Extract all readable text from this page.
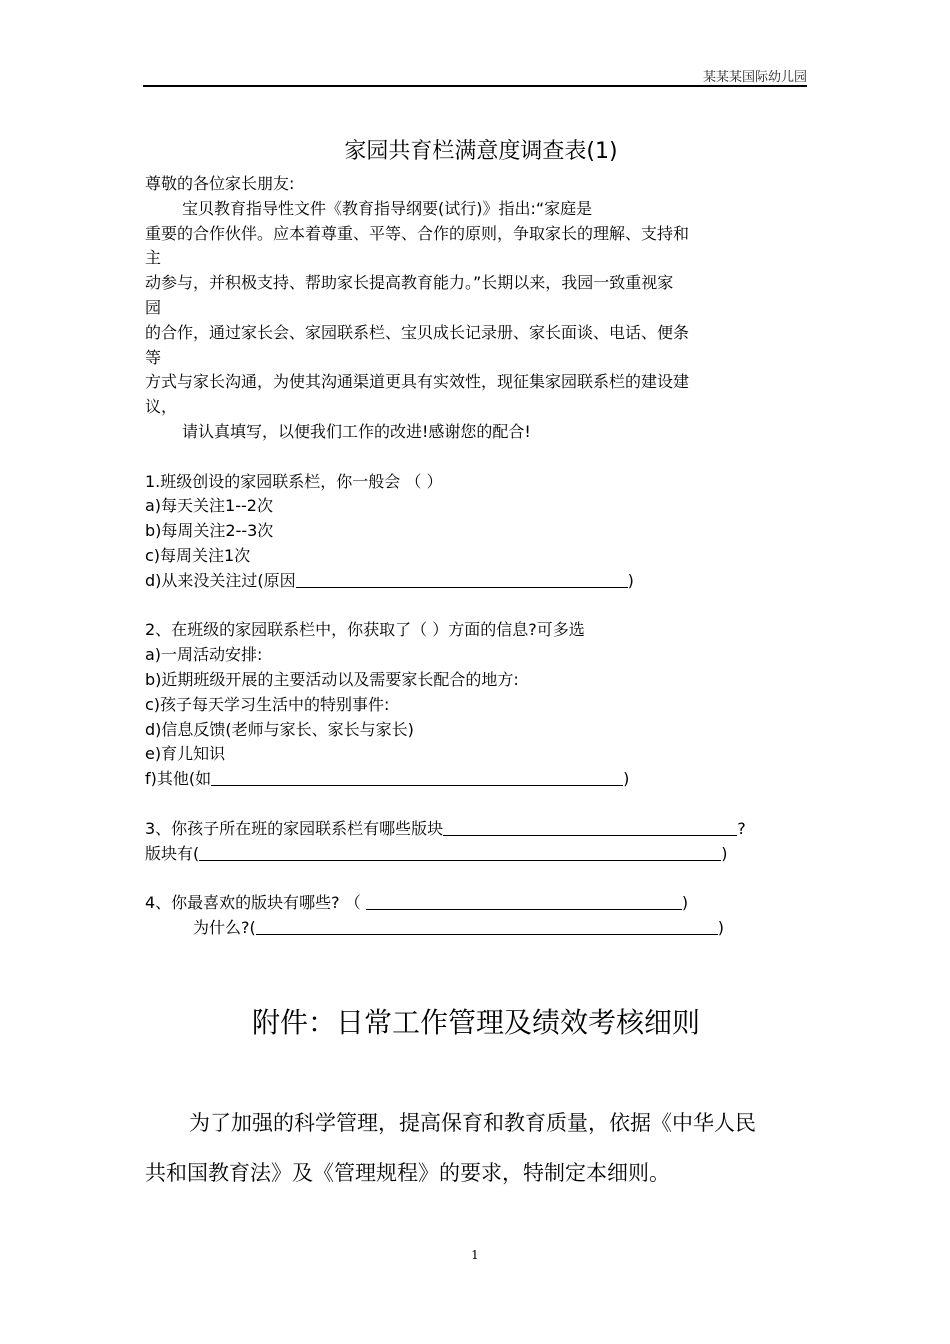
某某某国际幼儿园
家园共育栏满意度调查表(1)
尊敬的各位家长朋友:
宝贝教育指导性文件《教育指导纲要(试行)》指出:“家庭是
重要的合作伙伴。应本着尊重、平等、合作的原则，争取家长的理解、支持和
主
动参与，并积极支持、帮助家长提高教育能力。”长期以来，我园一致重视家
园
的合作，通过家长会、家园联系栏、宝贝成长记录册、家长面谈、电话、便条
等
方式与家长沟通，为使其沟通渠道更具有实效性，现征集家园联系栏的建设建
议，
请认真填写，以便我们工作的改进!感谢您的配合!
1.班级创设的家园联系栏，你一般会 （ ）
a)每天关注1--2次
b)每周关注2--3次
c)每周关注1次
d)从来没关注过(原因	)
2、在班级的家园联系栏中，你获取了（ ）方面的信息?可多选
a)一周活动安排:
b)近期班级开展的主要活动以及需要家长配合的地方:
c)孩子每天学习生活中的特别事件:
d)信息反馈(老师与家长、家长与家长)
e)育儿知识
f)其他(如	)
3、你孩子所在班的家园联系栏有哪些版块	?
版块有(	)
4、你最喜欢的版块有哪些? （	)
为什么?(	)
附件：日常工作管理及绩效考核细则

为了加强的科学管理，提高保育和教育质量，依据《中华人民

共和国教育法》及《管理规程》的要求，特制定本细则。

1
